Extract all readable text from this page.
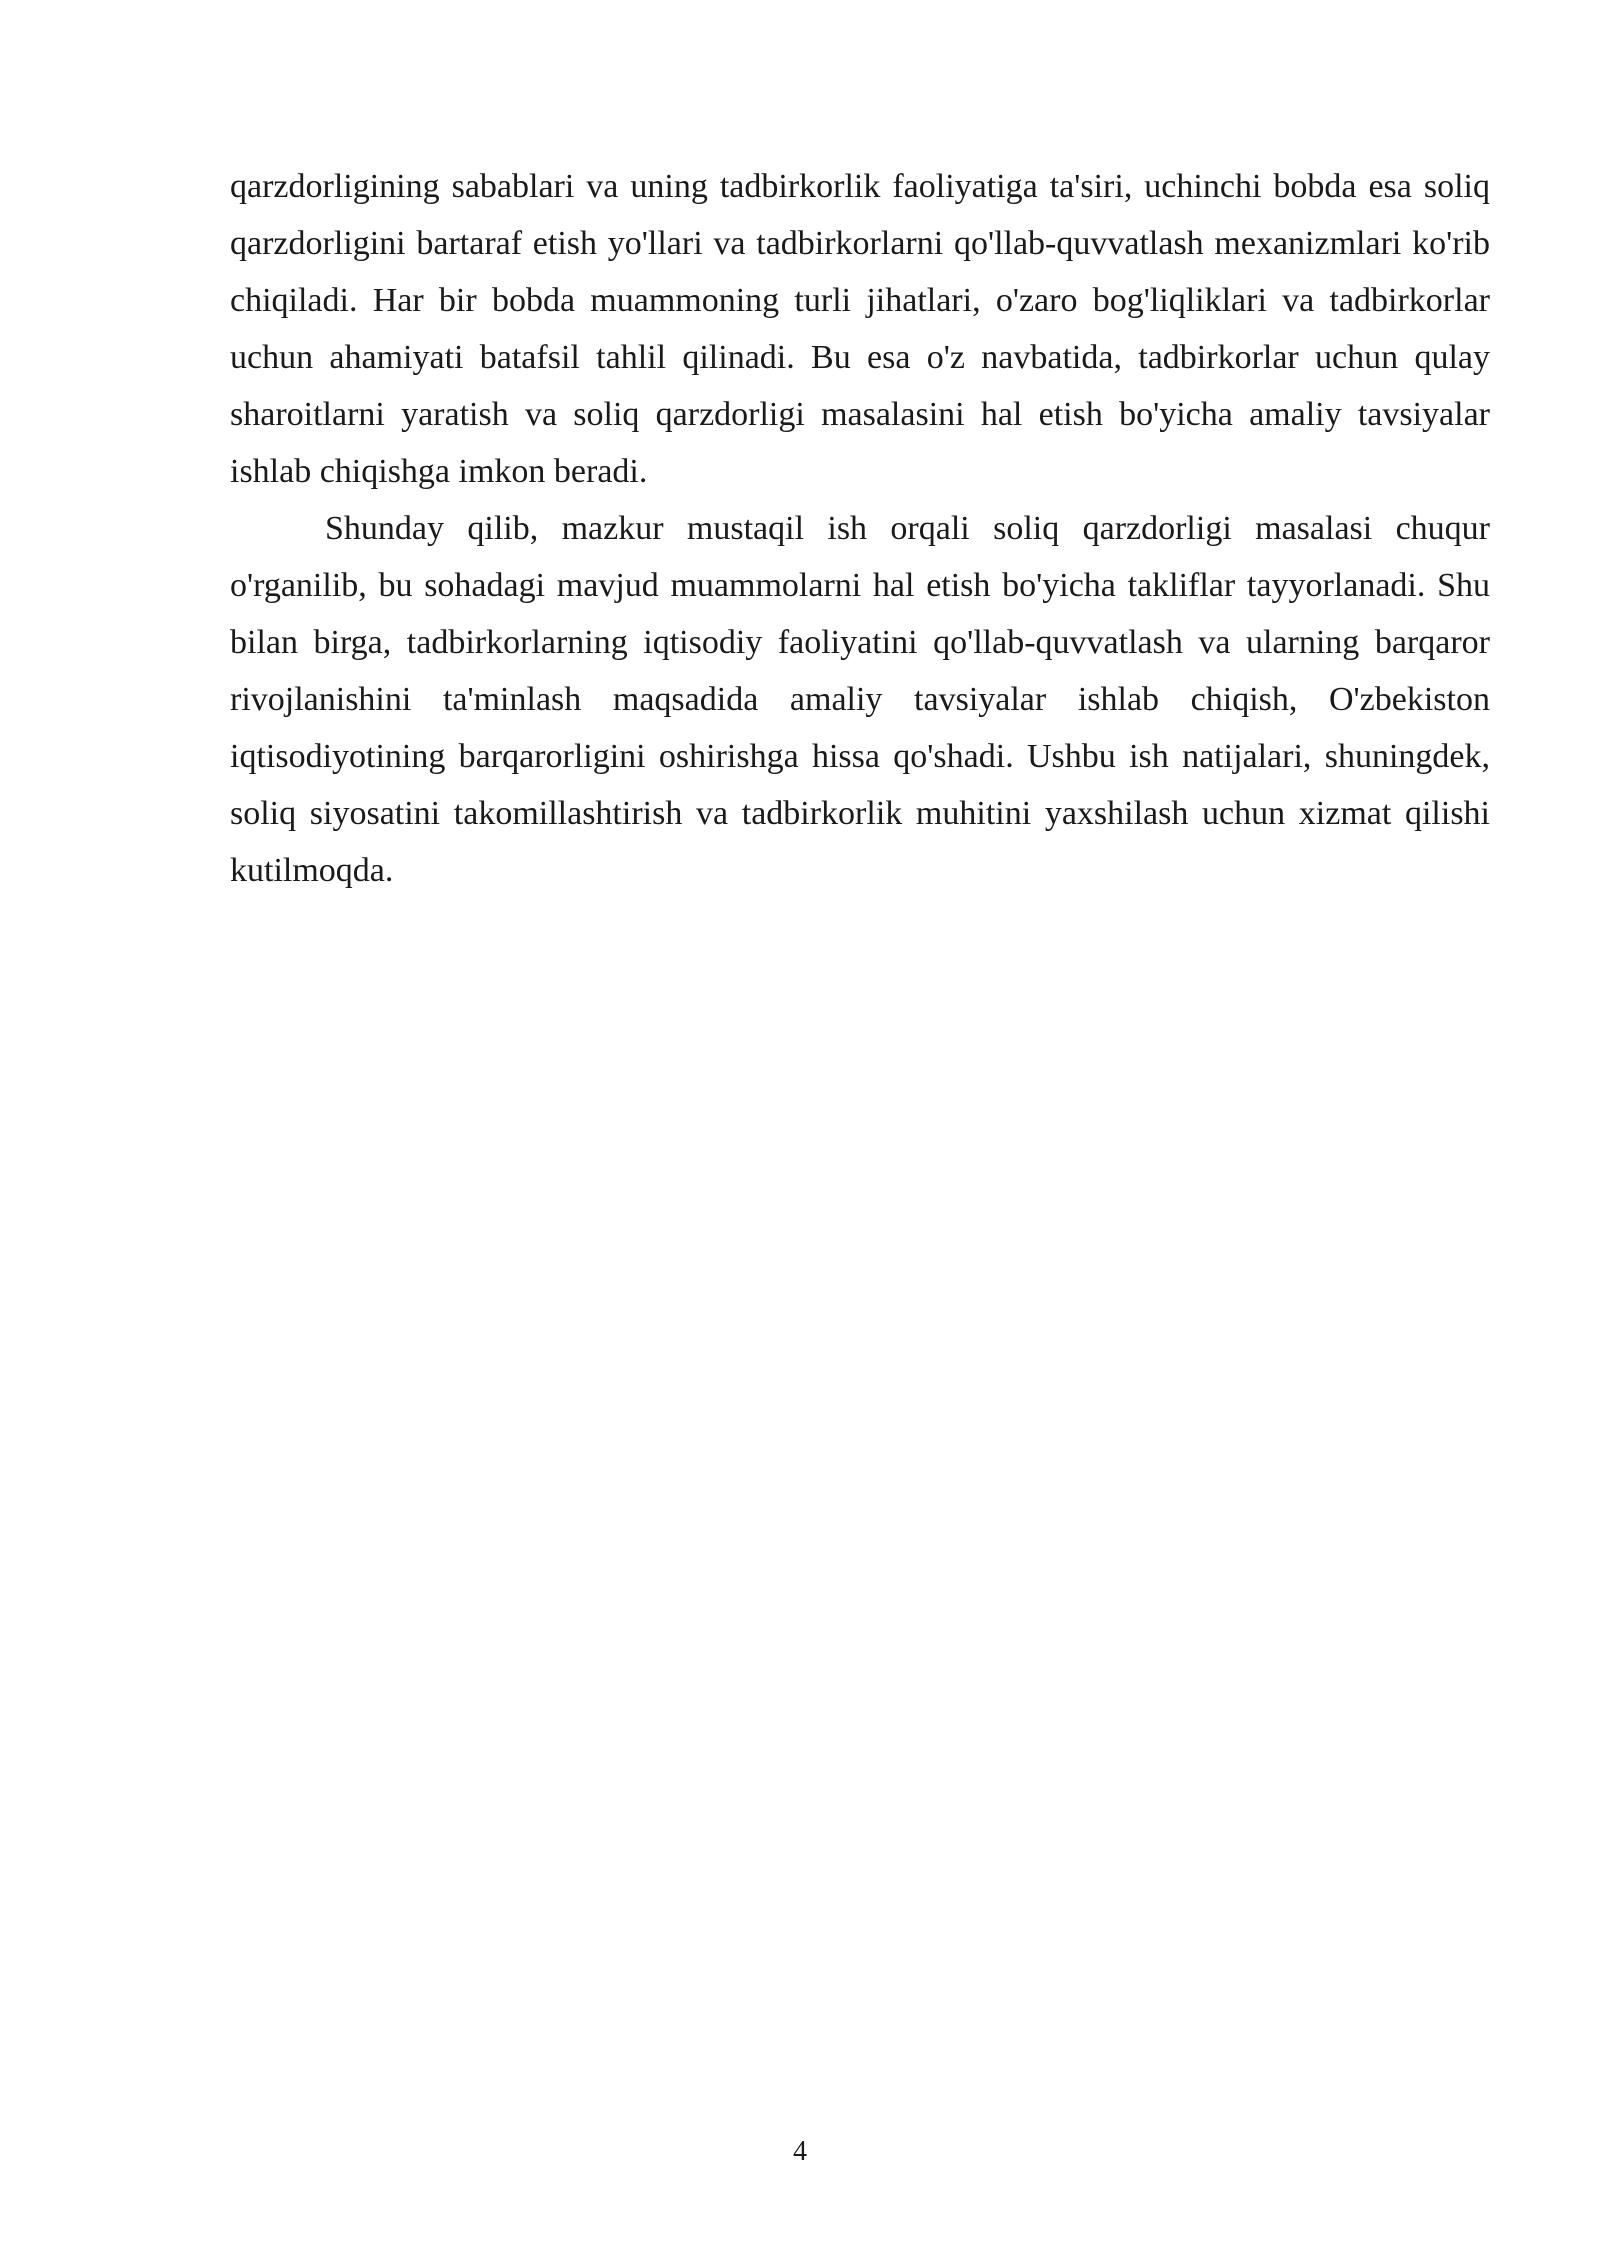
qarzdorligining sabablari va uning tadbirkorlik faoliyatiga ta'siri, uchinchi bobda esa soliq qarzdorligini bartaraf etish yo'llari va tadbirkorlarni qo'llab-quvvatlash mexanizmlari ko'rib chiqiladi. Har bir bobda muammoning turli jihatlari, o'zaro bog'liqliklari va tadbirkorlar uchun ahamiyati batafsil tahlil qilinadi. Bu esa o'z navbatida, tadbirkorlar uchun qulay sharoitlarni yaratish va soliq qarzdorligi masalasini hal etish bo'yicha amaliy tavsiyalar ishlab chiqishga imkon beradi.

Shunday qilib, mazkur mustaqil ish orqali soliq qarzdorligi masalasi chuqur o'rganilib, bu sohadagi mavjud muammolarni hal etish bo'yicha takliflar tayyorlanadi. Shu bilan birga, tadbirkorlarning iqtisodiy faoliyatini qo'llab-quvvatlash va ularning barqaror rivojlanishini ta'minlash maqsadida amaliy tavsiyalar ishlab chiqish, O'zbekiston iqtisodiyotining barqarorligini oshirishga hissa qo'shadi. Ushbu ish natijalari, shuningdek, soliq siyosatini takomillashtirish va tadbirkorlik muhitini yaxshilash uchun xizmat qilishi kutilmoqda.

4
